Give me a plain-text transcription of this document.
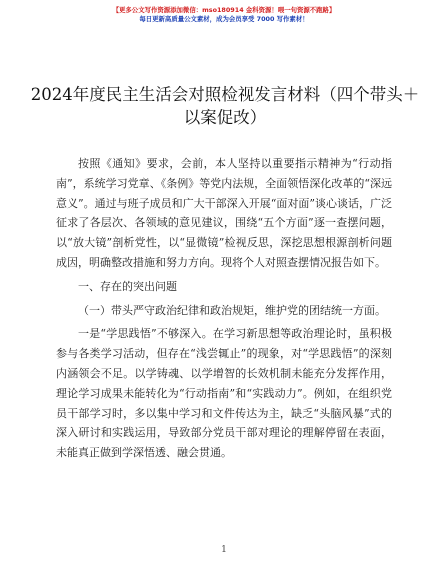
【更多公文写作资源添加微信：mso180914 金科资源！喂一句资源不跑路】
每日更新高质量公文素材，成为会员享受 7000 写作素材！
2024年度民主生活会对照检视发言材料（四个带头＋以案促改）

按照《通知》要求，会前，本人坚持以重要指示精神为“行动指南”，系统学习党章、《条例》等党内法规，全面领悟深化改革的“深远意义”。通过与班子成员和广大干部深入开展“面对面”谈心谈话，广泛征求了各层次、各领域的意见建议，围绕“五个方面”逐一查摆问题，以“放大镜”剖析党性，以“显微镜”检视反思，深挖思想根源剖析问题成因，明确整改措施和努力方向。现将个人对照查摆情况报告如下。

一、存在的突出问题

（一）带头严守政治纪律和政治规矩，维护党的团结统一方面。

一是“学思践悟”不够深入。在学习新思想等政治理论时，虽积极参与各类学习活动，但存在“浅尝辄止”的现象，对“学思践悟”的深刻内涵领会不足。以学铸魂、以学增智的长效机制未能充分发挥作用，理论学习成果未能转化为“行动指南”和“实践动力”。例如，在组织党员干部学习时，多以集中学习和文件传达为主，缺乏“头脑风暴”式的深入研讨和实践运用，导致部分党员干部对理论的理解停留在表面，未能真正做到学深悟透、融会贯通。

1
